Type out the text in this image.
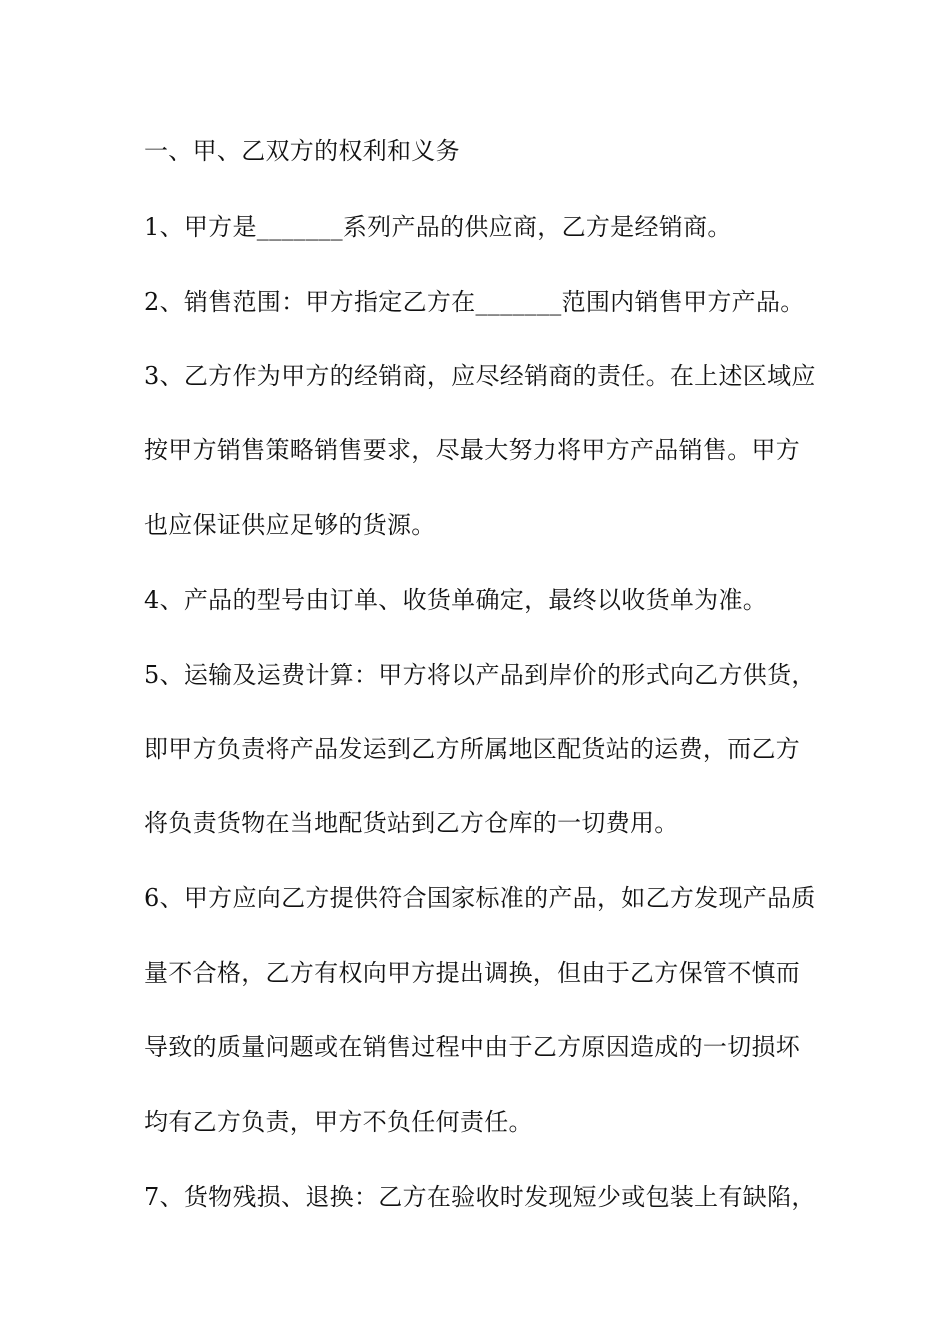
一、甲、乙双方的权利和义务
1、甲方是_______系列产品的供应商，乙方是经销商。
2、销售范围：甲方指定乙方在_______范围内销售甲方产品。
3、乙方作为甲方的经销商，应尽经销商的责任。在上述区域应
按甲方销售策略销售要求，尽最大努力将甲方产品销售。甲方
也应保证供应足够的货源。
4、产品的型号由订单、收货单确定，最终以收货单为准。
5、运输及运费计算：甲方将以产品到岸价的形式向乙方供货，
即甲方负责将产品发运到乙方所属地区配货站的运费，而乙方
将负责货物在当地配货站到乙方仓库的一切费用。
6、甲方应向乙方提供符合国家标准的产品，如乙方发现产品质
量不合格，乙方有权向甲方提出调换，但由于乙方保管不慎而
导致的质量问题或在销售过程中由于乙方原因造成的一切损坏
均有乙方负责，甲方不负任何责任。
7、货物残损、退换：乙方在验收时发现短少或包装上有缺陷，
